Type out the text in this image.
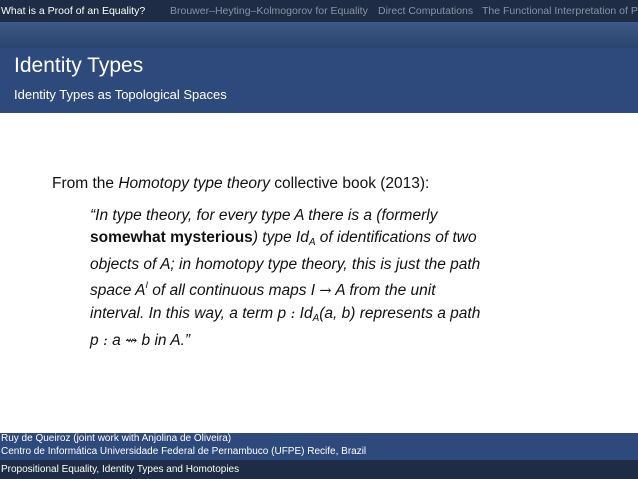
What is a Proof of an Equality? Brouwer–Heyting–Kolmogorov for Equality Direct Computations The Functional Interpretation of P
Identity Types
Identity Types as Topological Spaces
From the Homotopy type theory collective book (2013):
“In type theory, for every type A there is a (formerly
somewhat mysterious) type $Id_A$ of identifications of two
objects of A; in homotopy type theory, this is just the path
space $A^I$ of all continuous maps I → A from the unit
interval. In this way, a term p : $Id_A(a$, b) represents a path
p : a ⇝ b in A.”
Ruy de Queiroz (joint work with Anjolina de Oliveira)
Centro de Informática Universidade Federal de Pernambuco (UFPE) Recife, Brazil
Propositional Equality, Identity Types and Homotopies
